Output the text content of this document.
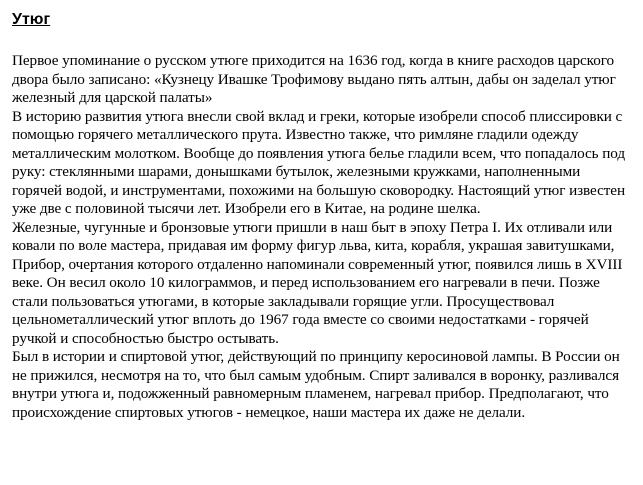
Утюг

Первое упоминание о русском утюге приходится на 1636 год, когда в книге расходов царского двора было записано: «Кузнецу Ивашке Трофимову выдано пять алтын, дабы он заделал утюг железный для царской палаты»

В историю развития утюга внесли свой вклад и греки, которые изобрели способ плиссировки с помощью горячего металлического прута. Известно также, что римляне гладили одежду металлическим молотком. Вообще до появления утюга белье гладили всем, что попадалось под руку: стеклянными шарами, донышками бутылок, железными кружками, наполненными горячей водой, и инструментами, похожими на большую сковородку. Настоящий утюг известен уже две с половиной тысячи лет. Изобрели его в Китае, на родине шелка.

Железные, чугунные и бронзовые утюги пришли в наш быт в эпоху Петра I. Их отливали или ковали по воле мастера, придавая им форму фигур льва, кита, корабля, украшая завитушками,

Прибор, очертания которого отдаленно напоминали современный утюг, появился лишь в XVIII веке. Он весил около 10 килограммов, и перед использованием его нагревали в печи. Позже стали пользоваться утюгами, в которые закладывали горящие угли. Просуществовал цельнометаллический утюг вплоть до 1967 года вместе со своими недостатками - горячей ручкой и способностью быстро остывать.

Был в истории и спиртовой утюг, действующий по принципу керосиновой лампы. В России он не прижился, несмотря на то, что был самым удобным. Спирт заливался в воронку, разливался внутри утюга и, подожженный равномерным пламенем, нагревал прибор. Предполагают, что происхождение спиртовых утюгов - немецкое, наши мастера их даже не делали.
